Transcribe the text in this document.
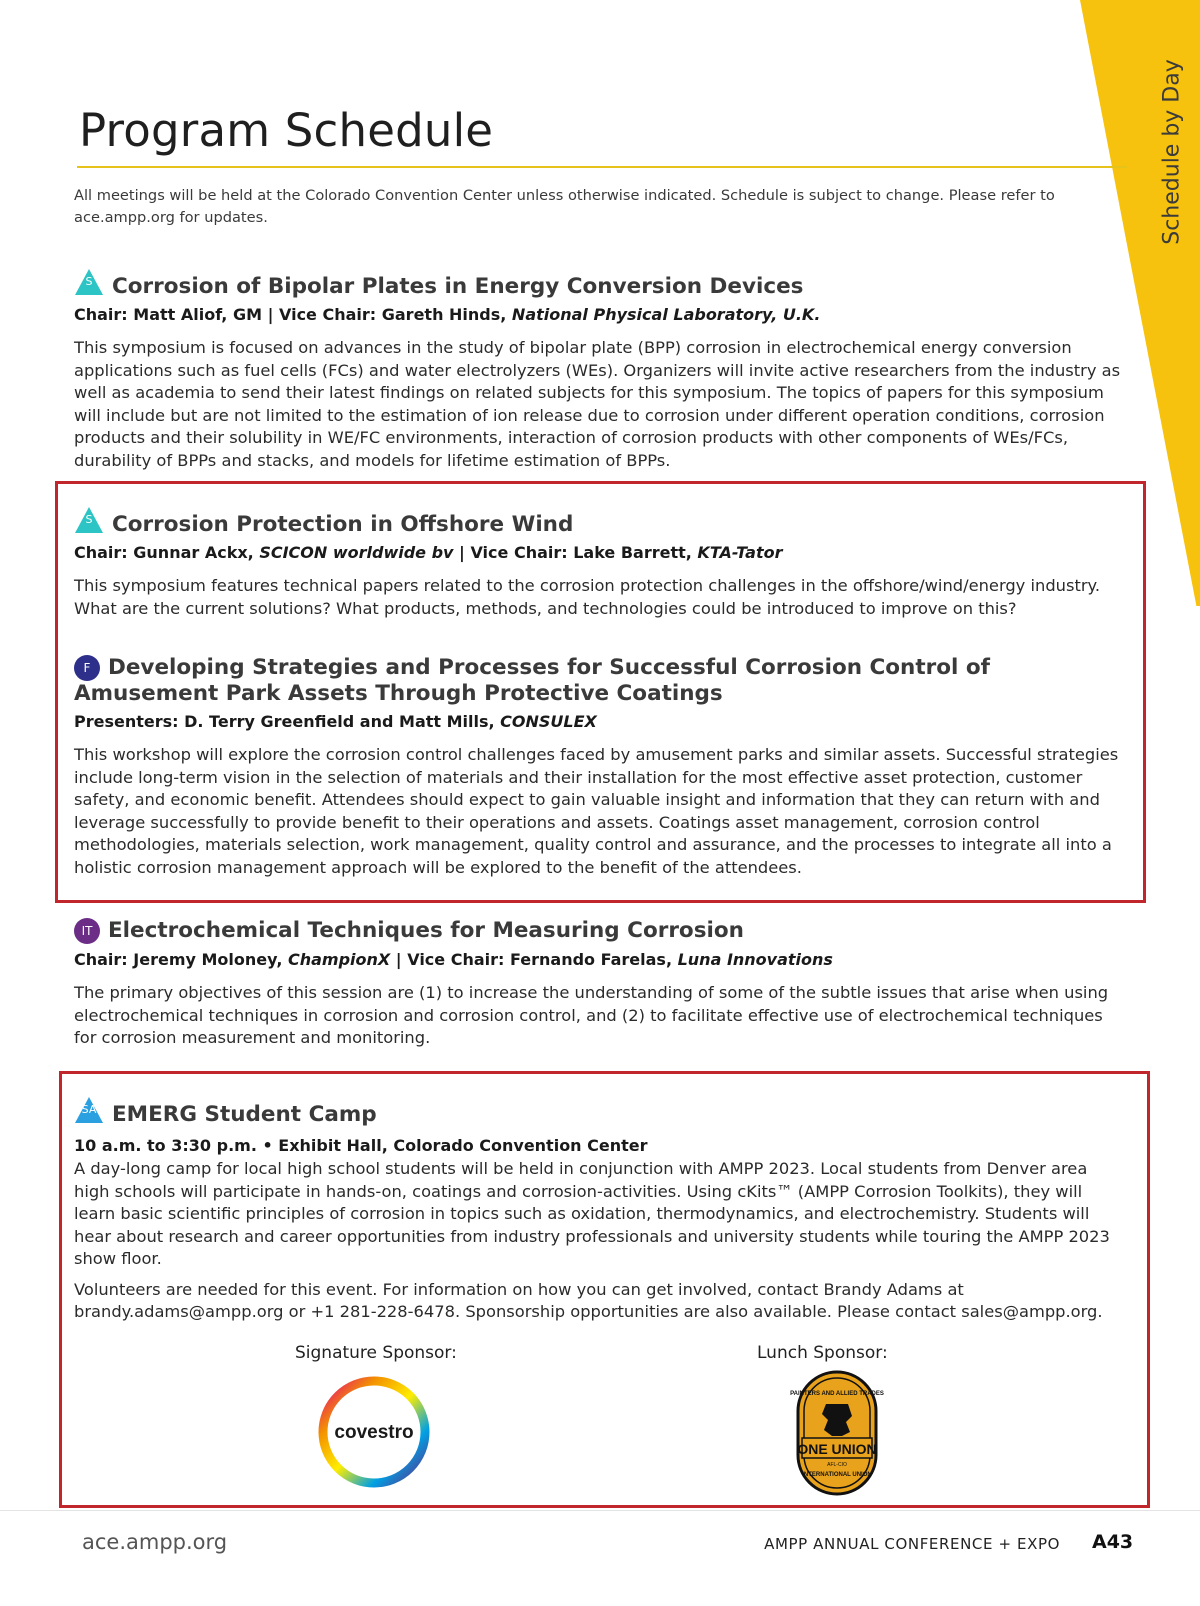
Schedule by Day
Program Schedule

All meetings will be held at the Colorado Convention Center unless otherwise indicated. Schedule is subject to change. Please refer to ace.ampp.org for updates.

S Corrosion of Bipolar Plates in Energy Conversion Devices

Chair: Matt Aliof, GM | Vice Chair: Gareth Hinds, National Physical Laboratory, U.K.

This symposium is focused on advances in the study of bipolar plate (BPP) corrosion in electrochemical energy conversion applications such as fuel cells (FCs) and water electrolyzers (WEs). Organizers will invite active researchers from the industry as well as academia to send their latest findings on related subjects for this symposium. The topics of papers for this symposium will include but are not limited to the estimation of ion release due to corrosion under different operation conditions, corrosion products and their solubility in WE/FC environments, interaction of corrosion products with other components of WEs/FCs, durability of BPPs and stacks, and models for lifetime estimation of BPPs.

S Corrosion Protection in Offshore Wind

Chair: Gunnar Ackx, SCICON worldwide bv | Vice Chair: Lake Barrett, KTA-Tator

This symposium features technical papers related to the corrosion protection challenges in the offshore/wind/energy industry. What are the current solutions? What products, methods, and technologies could be introduced to improve on this?

F Developing Strategies and Processes for Successful Corrosion Control of Amusement Park Assets Through Protective Coatings

Presenters: D. Terry Greenfield and Matt Mills, CONSULEX

This workshop will explore the corrosion control challenges faced by amusement parks and similar assets. Successful strategies include long-term vision in the selection of materials and their installation for the most effective asset protection, customer safety, and economic benefit. Attendees should expect to gain valuable insight and information that they can return with and leverage successfully to provide benefit to their operations and assets. Coatings asset management, corrosion control methodologies, materials selection, work management, quality control and assurance, and the processes to integrate all into a holistic corrosion management approach will be explored to the benefit of the attendees.

IT Electrochemical Techniques for Measuring Corrosion

Chair: Jeremy Moloney, ChampionX | Vice Chair: Fernando Farelas, Luna Innovations

The primary objectives of this session are (1) to increase the understanding of some of the subtle issues that arise when using electrochemical techniques in corrosion and corrosion control, and (2) to facilitate effective use of electrochemical techniques for corrosion measurement and monitoring.

SA EMERG Student Camp

10 a.m. to 3:30 p.m. • Exhibit Hall, Colorado Convention Center

A day-long camp for local high school students will be held in conjunction with AMPP 2023. Local students from Denver area high schools will participate in hands-on, coatings and corrosion-activities. Using cKits™ (AMPP Corrosion Toolkits), they will learn basic scientific principles of corrosion in topics such as oxidation, thermodynamics, and electrochemistry. Students will hear about research and career opportunities from industry professionals and university students while touring the AMPP 2023 show floor.

Volunteers are needed for this event. For information on how you can get involved, contact Brandy Adams at brandy.adams@ampp.org or +1 281-228-6478. Sponsorship opportunities are also available. Please contact sales@ampp.org.

Signature Sponsor:	Lunch Sponsor:
covestro
PAINTERS AND ALLIED TRADES
ONE UNION
AFL-CIO
INTERNATIONAL UNION
ace.ampp.org	AMPP ANNUAL CONFERENCE + EXPO A43
